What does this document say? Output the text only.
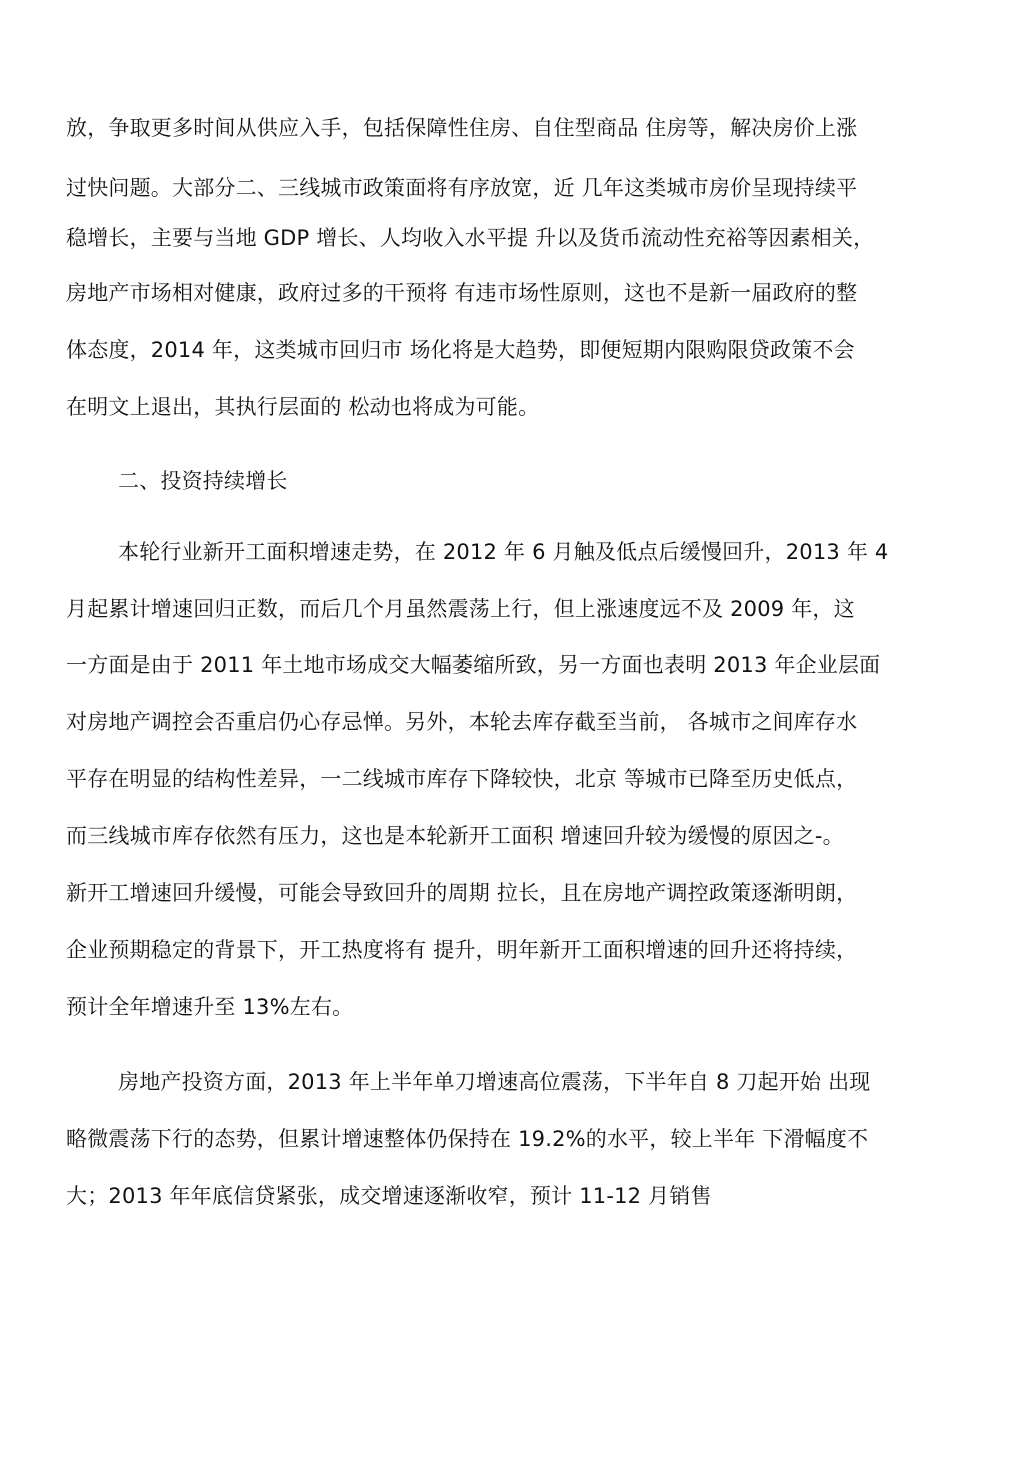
放，争取更多时间从供应入手，包括保障性住房、自住型商品 住房等，解决房价上涨
过快问题。大部分二、三线城市政策面将有序放宽，近 几年这类城市房价呈现持续平
稳增长，主要与当地 GDP 增长、人均收入水平提 升以及货币流动性充裕等因素相关，
房地产市场相对健康，政府过多的干预将 有违市场性原则，这也不是新一届政府的整
体态度，2014 年，这类城市回归市 场化将是大趋势，即便短期内限购限贷政策不会
在明文上退出，其执行层面的 松动也将成为可能。
二、投资持续增长
本轮行业新开工面积增速走势，在 2012 年 6 月触及低点后缓慢回升，2013 年 4
月起累计增速回归正数，而后几个月虽然震荡上行，但上涨速度远不及 2009 年，这
一方面是由于 2011 年土地市场成交大幅萎缩所致，另一方面也表明 2013 年企业层面
对房地产调控会否重启仍心存忌惮。另外，本轮去库存截至当前， 各城市之间库存水
平存在明显的结构性差异，一二线城市库存下降较快，北京 等城市已降至历史低点，
而三线城市库存依然有压力，这也是本轮新开工面积 增速回升较为缓慢的原因之-。
新开工增速回升缓慢，可能会导致回升的周期 拉长，且在房地产调控政策逐渐明朗，
企业预期稳定的背景下，开工热度将有 提升，明年新开工面积增速的回升还将持续，
预计全年增速升至 13%左右。
房地产投资方面，2013 年上半年单刀增速高位震荡，下半年自 8 刀起开始 出现
略微震荡下行的态势，但累计增速整体仍保持在 19.2%的水平，较上半年 下滑幅度不
大；2013 年年底信贷紧张，成交增速逐渐收窄，预计 11-12 月销售
